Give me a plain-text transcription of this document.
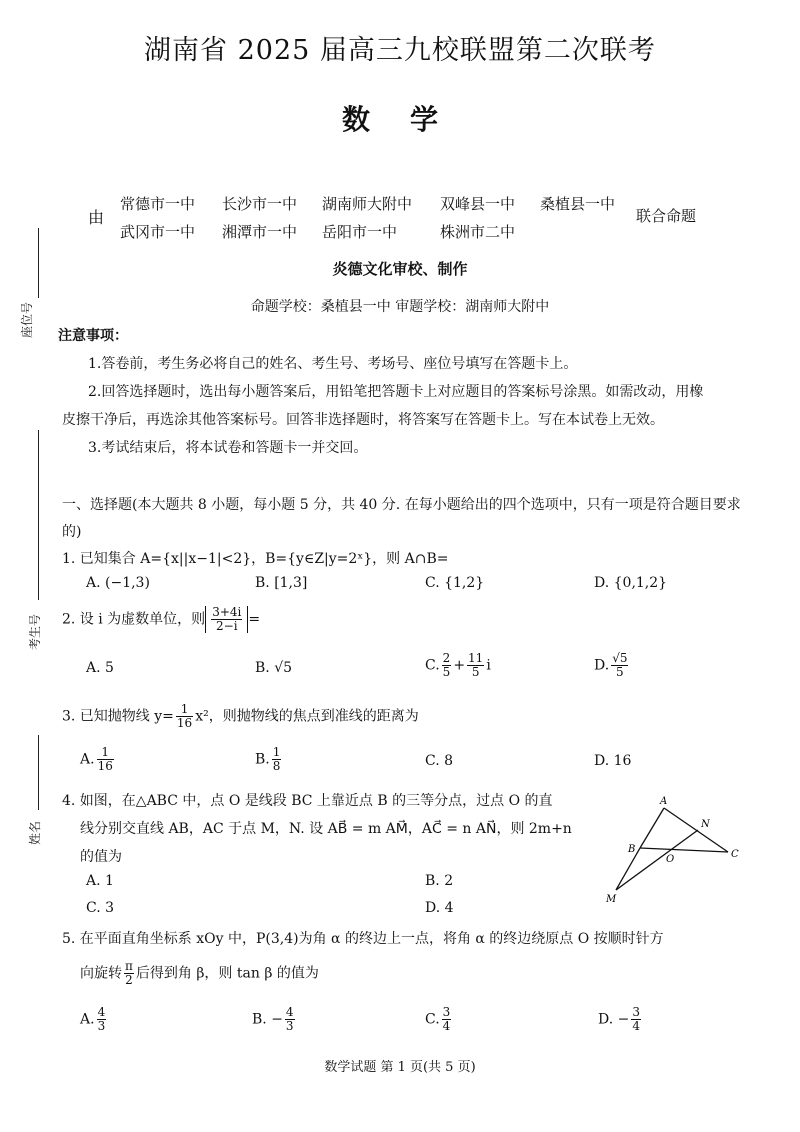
湖南省 2025 届高三九校联盟第二次联考
数学
由
常德市一中 长沙市一中 湖南师大附中 双峰县一中 桑植县一中
武冈市一中 湘潭市一中 岳阳市一中	株洲市二中
联合命题
炎德文化审校、制作
命题学校：桑植县一中 审题学校：湖南师大附中
座位号
考生号
姓名
注意事项：
1.答卷前，考生务必将自己的姓名、考生号、考场号、座位号填写在答题卡上。
2.回答选择题时，选出每小题答案后，用铅笔把答题卡上对应题目的答案标号涂黑。如需改动，用橡
皮擦干净后，再选涂其他答案标号。回答非选择题时，将答案写在答题卡上。写在本试卷上无效。
3.考试结束后，将本试卷和答题卡一并交回。
一、选择题(本大题共 8 小题，每小题 5 分，共 40 分. 在每小题给出的四个选项中，只有一项是符合题目要求的)
1. 已知集合 A={x||x−1|<2}，B={y∈Z|y=2ˣ}，则 A∩B=
A. (−1,3)	B. [1,3]	C. {1,2}	D. {0,1,2}
2. 设 i 为虚数单位，则 $\frac{3+4i}{2-i}$ =
A. 5	B. √5	C. $\frac{2}{5} + \frac{11}{5}$ i	D. $\frac{√5}{5}$
3. 已知抛物线 $y= \frac{1}{16} x^2$，则抛物线的焦点到准线的距离为
A. $\frac{1}{16}$	B. $\frac{1}{8}$	C. 8	D. 16
4. 如图，在△ABC 中，点 O 是线段 BC 上靠近点 B 的三等分点，过点 O 的直
线分别交直线 AB，AC 于点 M，N. 设 AB⃗ = m AM⃗，AC⃗ = n AN⃗，则 2m+n
的值为
A. 1	B. 2
C. 3	D. 4
A
N
B
O	C
M
5. 在平面直角坐标系 xOy 中，P(3,4)为角 α 的终边上一点，将角 α 的终边绕原点 O 按顺时针方
向旋转 $\frac{\pi}{2}$ 后得到角 β，则 tan β 的值为
A. $\frac{4}{3}$	B. − $\frac{4}{3}$	C. $\frac{3}{4}$	D. − $\frac{3}{4}$
数学试题 第 1 页(共 5 页)
